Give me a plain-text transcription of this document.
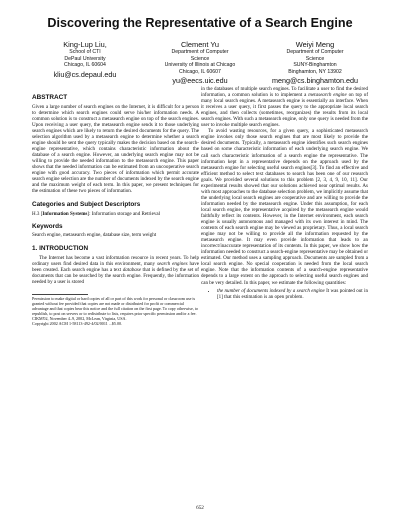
Discovering the Representative of a Search Engine
King-Lup Liu,
School of CTI
DePaul University
Chicago, IL 60604
kliu@cs.depaul.edu
Clement Yu
Department of Computer
Science
University of Illinois at Chicago
Chicago, IL 60607
yu@eecs.uic.edu
Weiyi Meng
Department of Computer
Science
SUNY-Binghamton
Binghamton, NY 13902
meng@cs.binghamton.edu
ABSTRACT

Given a large number of search engines on the Internet, it is difficult for a person to determine which search engines could serve his/her information needs. A common solution is to construct a metasearch engine on top of the search engines. Upon receiving a user query, the metasearch engine sends it to those underlying search engines which are likely to return the desired documents for the query. The selection algorithm used by a metasearch engine to determine whether a search engine should be sent the query typically makes the decision based on the search-engine representative, which contains characteristic information about the database of a search engine. However, an underlying search engine may not be willing to provide the needed information to the metasearch engine. This paper shows that the needed information can be estimated from an uncooperative search engine with good accuracy. Two pieces of information which permit accurate search engine selection are the number of documents indexed by the search engine and the maximum weight of each term. In this paper, we present techniques for the estimation of these two pieces of information.

Categories and Subject Descriptors

H.3 [Information Systems]: Information storage and Retrieval

Keywords

Search engine, metasearch engine, database size, term weight

1. INTRODUCTION

The Internet has become a vast information resource in recent years. To help ordinary users find desired data in this environment, many search engines have been created. Each search engine has a text database that is defined by the set of documents that can be searched by the search engine. Frequently, the information needed by a user is stored

Permission to make digital or hard copies of all or part of this work for personal or classroom use is granted without fee provided that copies are not made or distributed for profit or commercial advantage and that copies bear this notice and the full citation on the first page. To copy otherwise, to republish, to post on servers or to redistribute to lists, requires prior specific permission and/or a fee.

CIKM'02, November 4–9, 2002, McLean, Virginia, USA.

Copyright 2002 ACM 1-58113-492-4/02/0011 ...$5.00.

in the databases of multiple search engines. To facilitate a user to find the desired information, a common solution is to implement a metasearch engine on top of many local search engines. A metasearch engine is essentially an interface. When it receives a user query, it first passes the query to the appropriate local search engines, and then collects (sometimes, reorganizes) the results from its local search engines. With such a metasearch engine, only one query is needed from the user to invoke multiple search engines.

To avoid wasting resources, for a given query, a sophisticated metasearch engine invokes only those search engines that are most likely to provide the desired documents. Typically, a metasearch engine identifies such search engines based on some characteristic information of each underlying search engine. We call such characteristic information of a search engine the representative. The information kept in a representative depends on the approach used by the metasearch engine for selecting useful search engines[3]. To find an effective and efficient method to select text databases to search has been one of our research goals. We provided several solutions to this problem [2, 3, 4, 9, 10, 11]. Our experimental results showed that our solutions achieved near optimal results. As with most approaches to the database selection problem, we implicitly assume that the underlying local search engines are cooperative and are willing to provide the information needed by the metasearch engine. Under this assumption, for each local search engine, the representative acquired by the metasearch engine would faithfully reflect its contents. However, in the Internet environment, each search engine is usually autonomous and managed with its own interest in mind. The contents of each search engine may be viewed as proprietary. Thus, a local search engine may not be willing to provide all the information requested by the metasearch engine. It may even provide information that leads to an incorrect/inaccurate representation of its contents. In this paper, we show how the information needed to construct a search-engine representative may be obtained or estimated. Our method uses a sampling approach. Documents are sampled from a local search engine. No special cooperation is needed from the local search engine. Note that the information contents of a search-engine representative depends to a large extent on the approach to selecting useful search engines and can be very detailed. In this paper, we estimate the following quantities:

• the number of documents indexed by a search engine It was pointed out in [1] that this estimation is an open problem.
652
